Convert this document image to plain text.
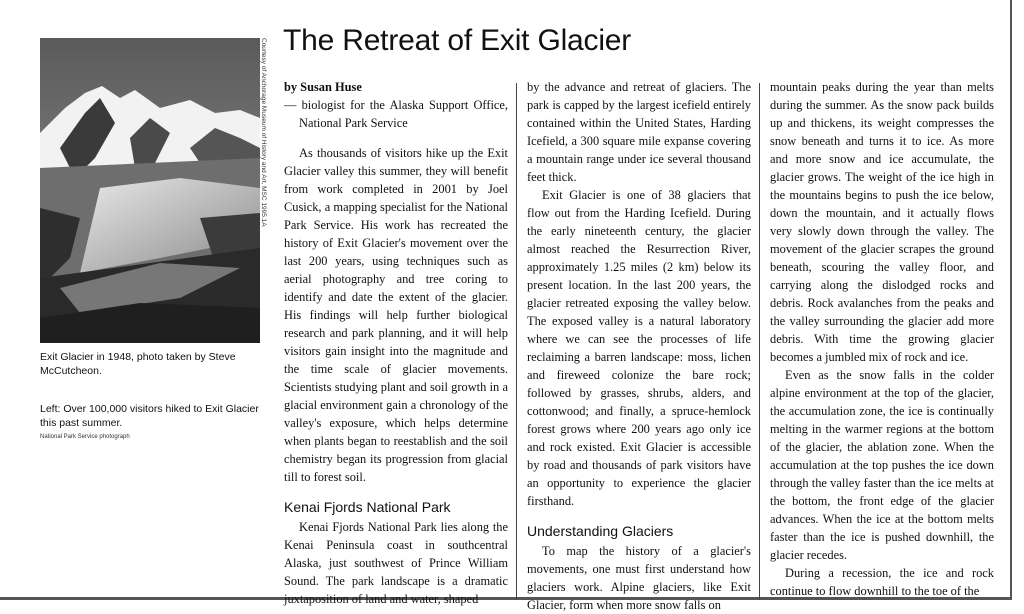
Courtesy of Anchorage Museum of History and Art, MSC 1995.1A

Exit Glacier in 1948, photo taken by Steve McCutcheon.

Left: Over 100,000 visitors hiked to Exit Glacier this past summer.

National Park Service photograph

The Retreat of Exit Glacier

by Susan Huse

— biologist for the Alaska Support Office, National Park Service

As thousands of visitors hike up the Exit Glacier valley this summer, they will benefit from work completed in 2001 by Joel Cusick, a mapping specialist for the National Park Service. His work has recreated the history of Exit Glacier's movement over the last 200 years, using techniques such as aerial photography and tree coring to identify and date the extent of the glacier. His findings will help further biological research and park planning, and it will help visitors gain insight into the magnitude and the time scale of glacier movements. Scientists studying plant and soil growth in a glacial environment gain a chronology of the valley's exposure, which helps determine when plants began to reestablish and the soil chemistry began its progression from glacial till to forest soil.

Kenai Fjords National Park

Kenai Fjords National Park lies along the Kenai Peninsula coast in southcentral Alaska, just southwest of Prince William Sound. The park landscape is a dramatic juxtaposition of land and water, shaped

by the advance and retreat of glaciers. The park is capped by the largest icefield entirely contained within the United States, Harding Icefield, a 300 square mile expanse covering a mountain range under ice several thousand feet thick.

Exit Glacier is one of 38 glaciers that flow out from the Harding Icefield. During the early nineteenth century, the glacier almost reached the Resurrection River, approximately 1.25 miles (2 km) below its present location. In the last 200 years, the glacier retreated exposing the valley below. The exposed valley is a natural laboratory where we can see the processes of life reclaiming a barren landscape: moss, lichen and fireweed colonize the bare rock; followed by grasses, shrubs, alders, and cottonwood; and finally, a spruce-hemlock forest grows where 200 years ago only ice and rock existed. Exit Glacier is accessible by road and thousands of park visitors have an opportunity to experience the glacier firsthand.

Understanding Glaciers

To map the history of a glacier's movements, one must first understand how glaciers work. Alpine glaciers, like Exit Glacier, form when more snow falls on

mountain peaks during the year than melts during the summer. As the snow pack builds up and thickens, its weight compresses the snow beneath and turns it to ice. As more and more snow and ice accumulate, the glacier grows. The weight of the ice high in the mountains begins to push the ice below, down the mountain, and it actually flows very slowly down through the valley. The movement of the glacier scrapes the ground beneath, scouring the valley floor, and carrying along the dislodged rocks and debris. Rock avalanches from the peaks and the valley surrounding the glacier add more debris. With time the growing glacier becomes a jumbled mix of rock and ice.

Even as the snow falls in the colder alpine environment at the top of the glacier, the accumulation zone, the ice is continually melting in the warmer regions at the bottom of the glacier, the ablation zone. When the accumulation at the top pushes the ice down through the valley faster than the ice melts at the bottom, the front edge of the glacier advances. When the ice at the bottom melts faster than the ice is pushed downhill, the glacier recedes.

During a recession, the ice and rock continue to flow downhill to the toe of the
